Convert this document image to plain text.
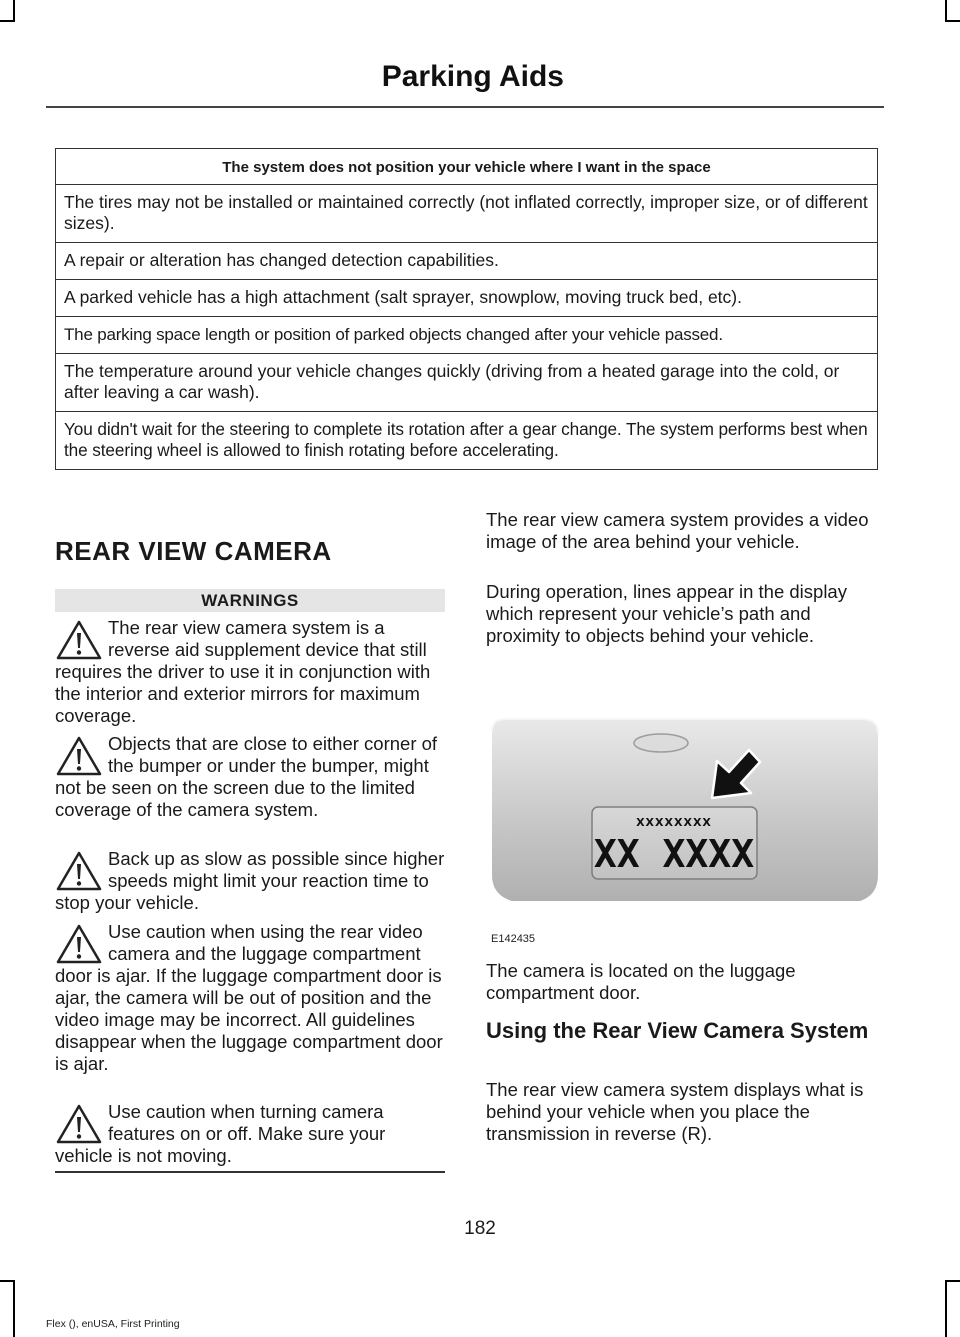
Parking Aids
The system does not position your vehicle where I want in the space
The tires may not be installed or maintained correctly (not inflated correctly, improper size, or of different sizes).
A repair or alteration has changed detection capabilities.
A parked vehicle has a high attachment (salt sprayer, snowplow, moving truck bed, etc).
The parking space length or position of parked objects changed after your vehicle passed.
The temperature around your vehicle changes quickly (driving from a heated garage into the cold, or after leaving a car wash).
You didn't wait for the steering to complete its rotation after a gear change. The system performs best when the steering wheel is allowed to finish rotating before accelerating.
REAR VIEW CAMERA
WARNINGS
The rear view camera system is a reverse aid supplement device that still requires the driver to use it in conjunction with the interior and exterior mirrors for maximum coverage.
Objects that are close to either corner of the bumper or under the bumper, might not be seen on the screen due to the limited coverage of the camera system.
Back up as slow as possible since higher speeds might limit your reaction time to stop your vehicle.
Use caution when using the rear video camera and the luggage compartment door is ajar. If the luggage compartment door is ajar, the camera will be out of position and the video image may be incorrect. All guidelines disappear when the luggage compartment door is ajar.
Use caution when turning camera features on or off. Make sure your vehicle is not moving.
The rear view camera system provides a video image of the area behind your vehicle.
During operation, lines appear in the display which represent your vehicle’s path and proximity to objects behind your vehicle.
XXXXXXXX
XX XXXX
E142435
The camera is located on the luggage compartment door.
Using the Rear View Camera System
The rear view camera system displays what is behind your vehicle when you place the transmission in reverse (R).
182
Flex (), enUSA, First Printing
